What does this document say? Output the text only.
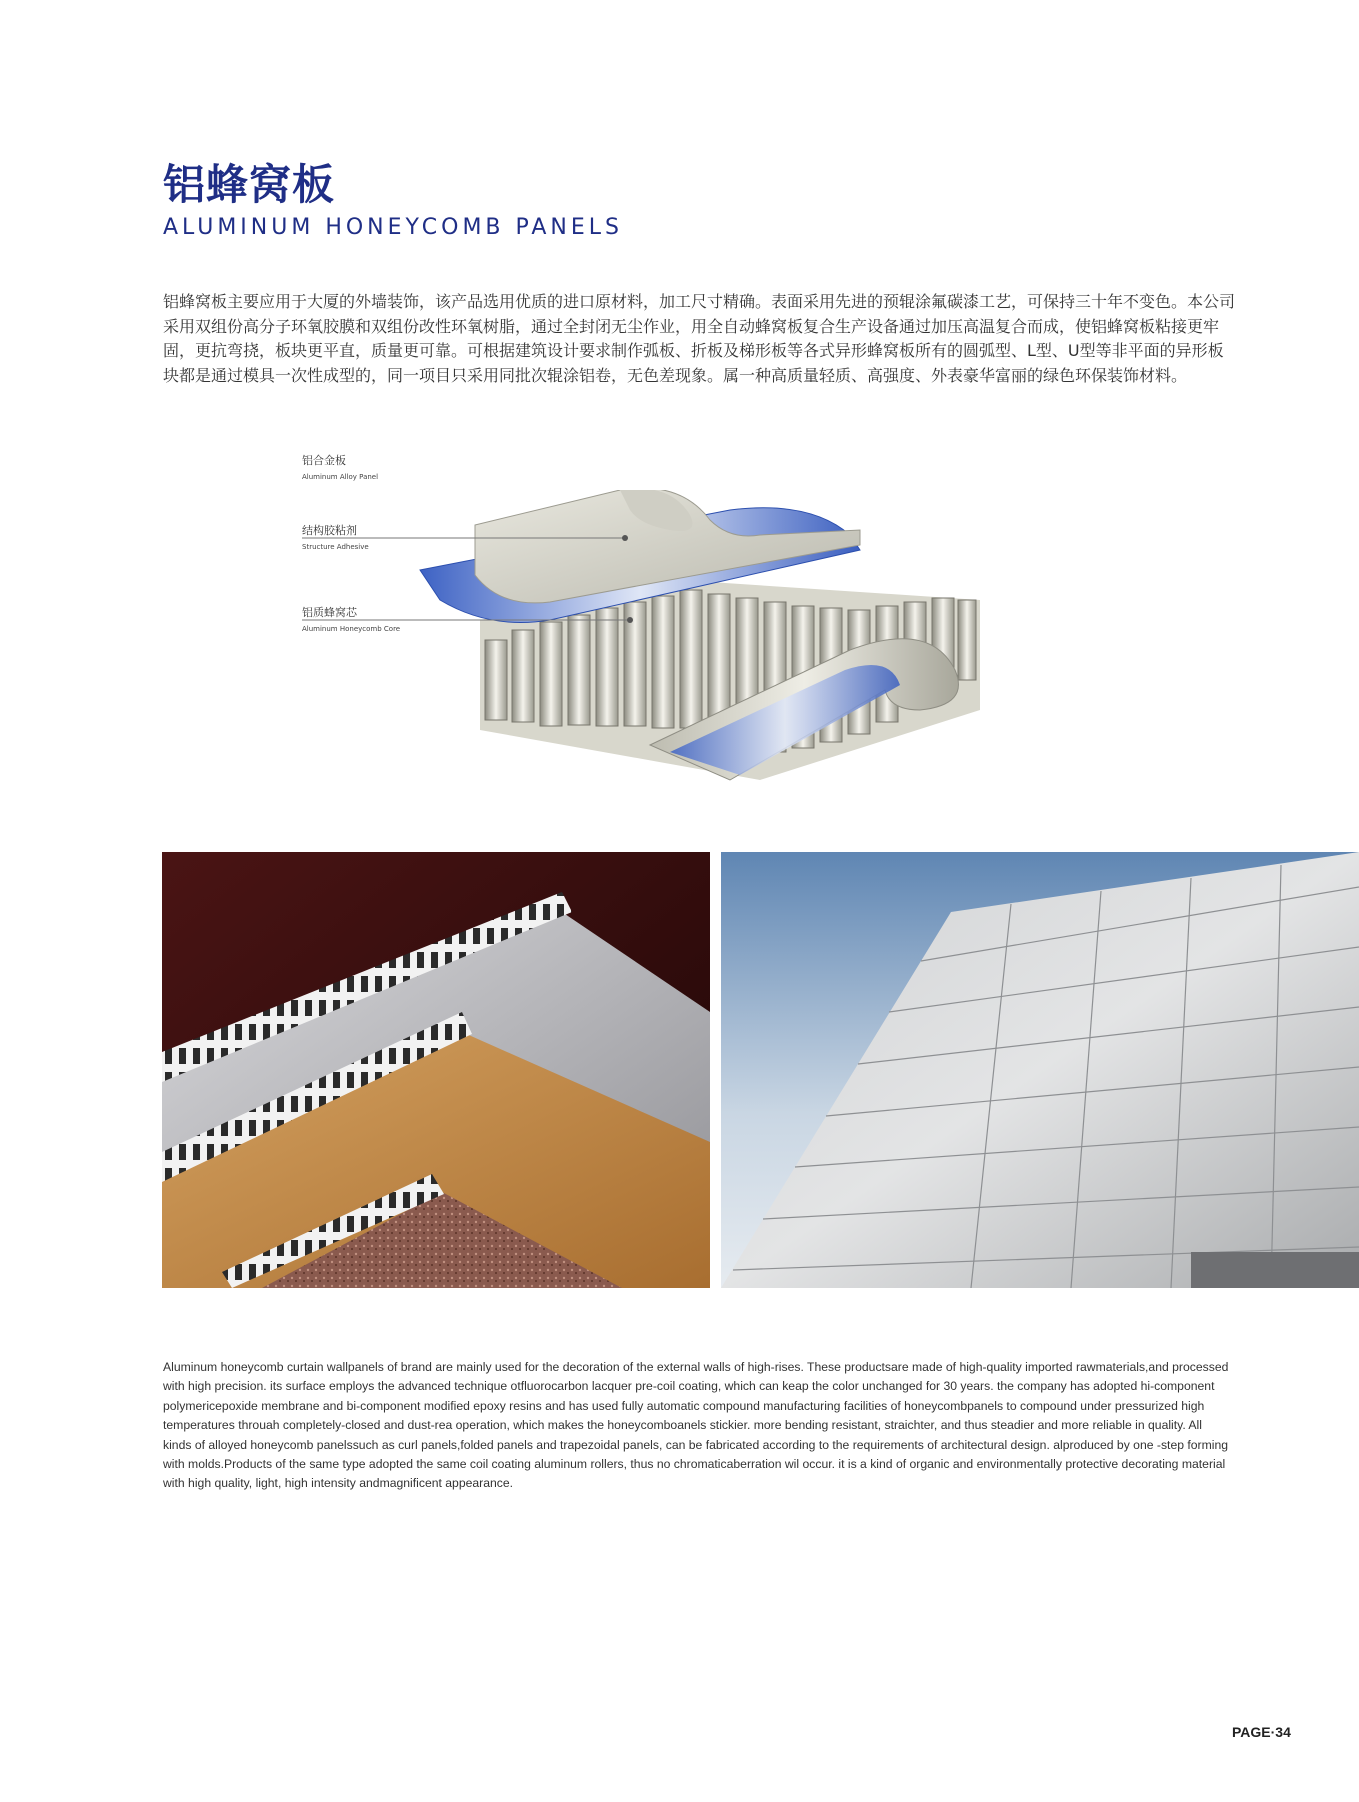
铝蜂窝板
ALUMINUM HONEYCOMB PANELS
铝蜂窝板主要应用于大厦的外墙装饰，该产品选用优质的进口原材料，加工尺寸精确。表面采用先进的预辊涂氟碳漆工艺，可保持三十年不变色。本公司采用双组份高分子环氧胶膜和双组份改性环氧树脂，通过全封闭无尘作业，用全自动蜂窝板复合生产设备通过加压高温复合而成，使铝蜂窝板粘接更牢固，更抗弯挠，板块更平直，质量更可靠。可根据建筑设计要求制作弧板、折板及梯形板等各式异形蜂窝板所有的圆弧型、L型、U型等非平面的异形板块都是通过模具一次性成型的，同一项目只采用同批次辊涂铝卷，无色差现象。属一种高质量轻质、高强度、外表豪华富丽的绿色环保装饰材料。
铝合金板
Aluminum Alloy Panel
结构胶粘剂
Structure Adhesive
铝质蜂窝芯
Aluminum Honeycomb Core
Aluminum honeycomb curtain wallpanels of brand are mainly used for the decoration of the external walls of high-rises. These productsare made of high-quality imported rawmaterials,and processed with high precision. its surface employs the advanced technique otfluorocarbon lacquer pre-coil coating, which can keap the color unchanged for 30 years. the company has adopted hi-component polymericepoxide membrane and bi-component modified epoxy resins and has used fully automatic compound manufacturing facilities of honeycombpanels to compound under pressurized high temperatures throuah completely-closed and dust-rea operation, which makes the honeycomboanels stickier. more bending resistant, straichter, and thus steadier and more reliable in quality. All kinds of alloyed honeycomb panelssuch as curl panels,folded panels and trapezoidal panels, can be fabricated according to the requirements of architectural design. alproduced by one -step forming with molds.Products of the same type adopted the same coil coating aluminum rollers, thus no chromaticaberration wil occur. it is a kind of organic and environmentally protective decorating material with high quality, light, high intensity andmagnificent appearance.
PAGE·34
